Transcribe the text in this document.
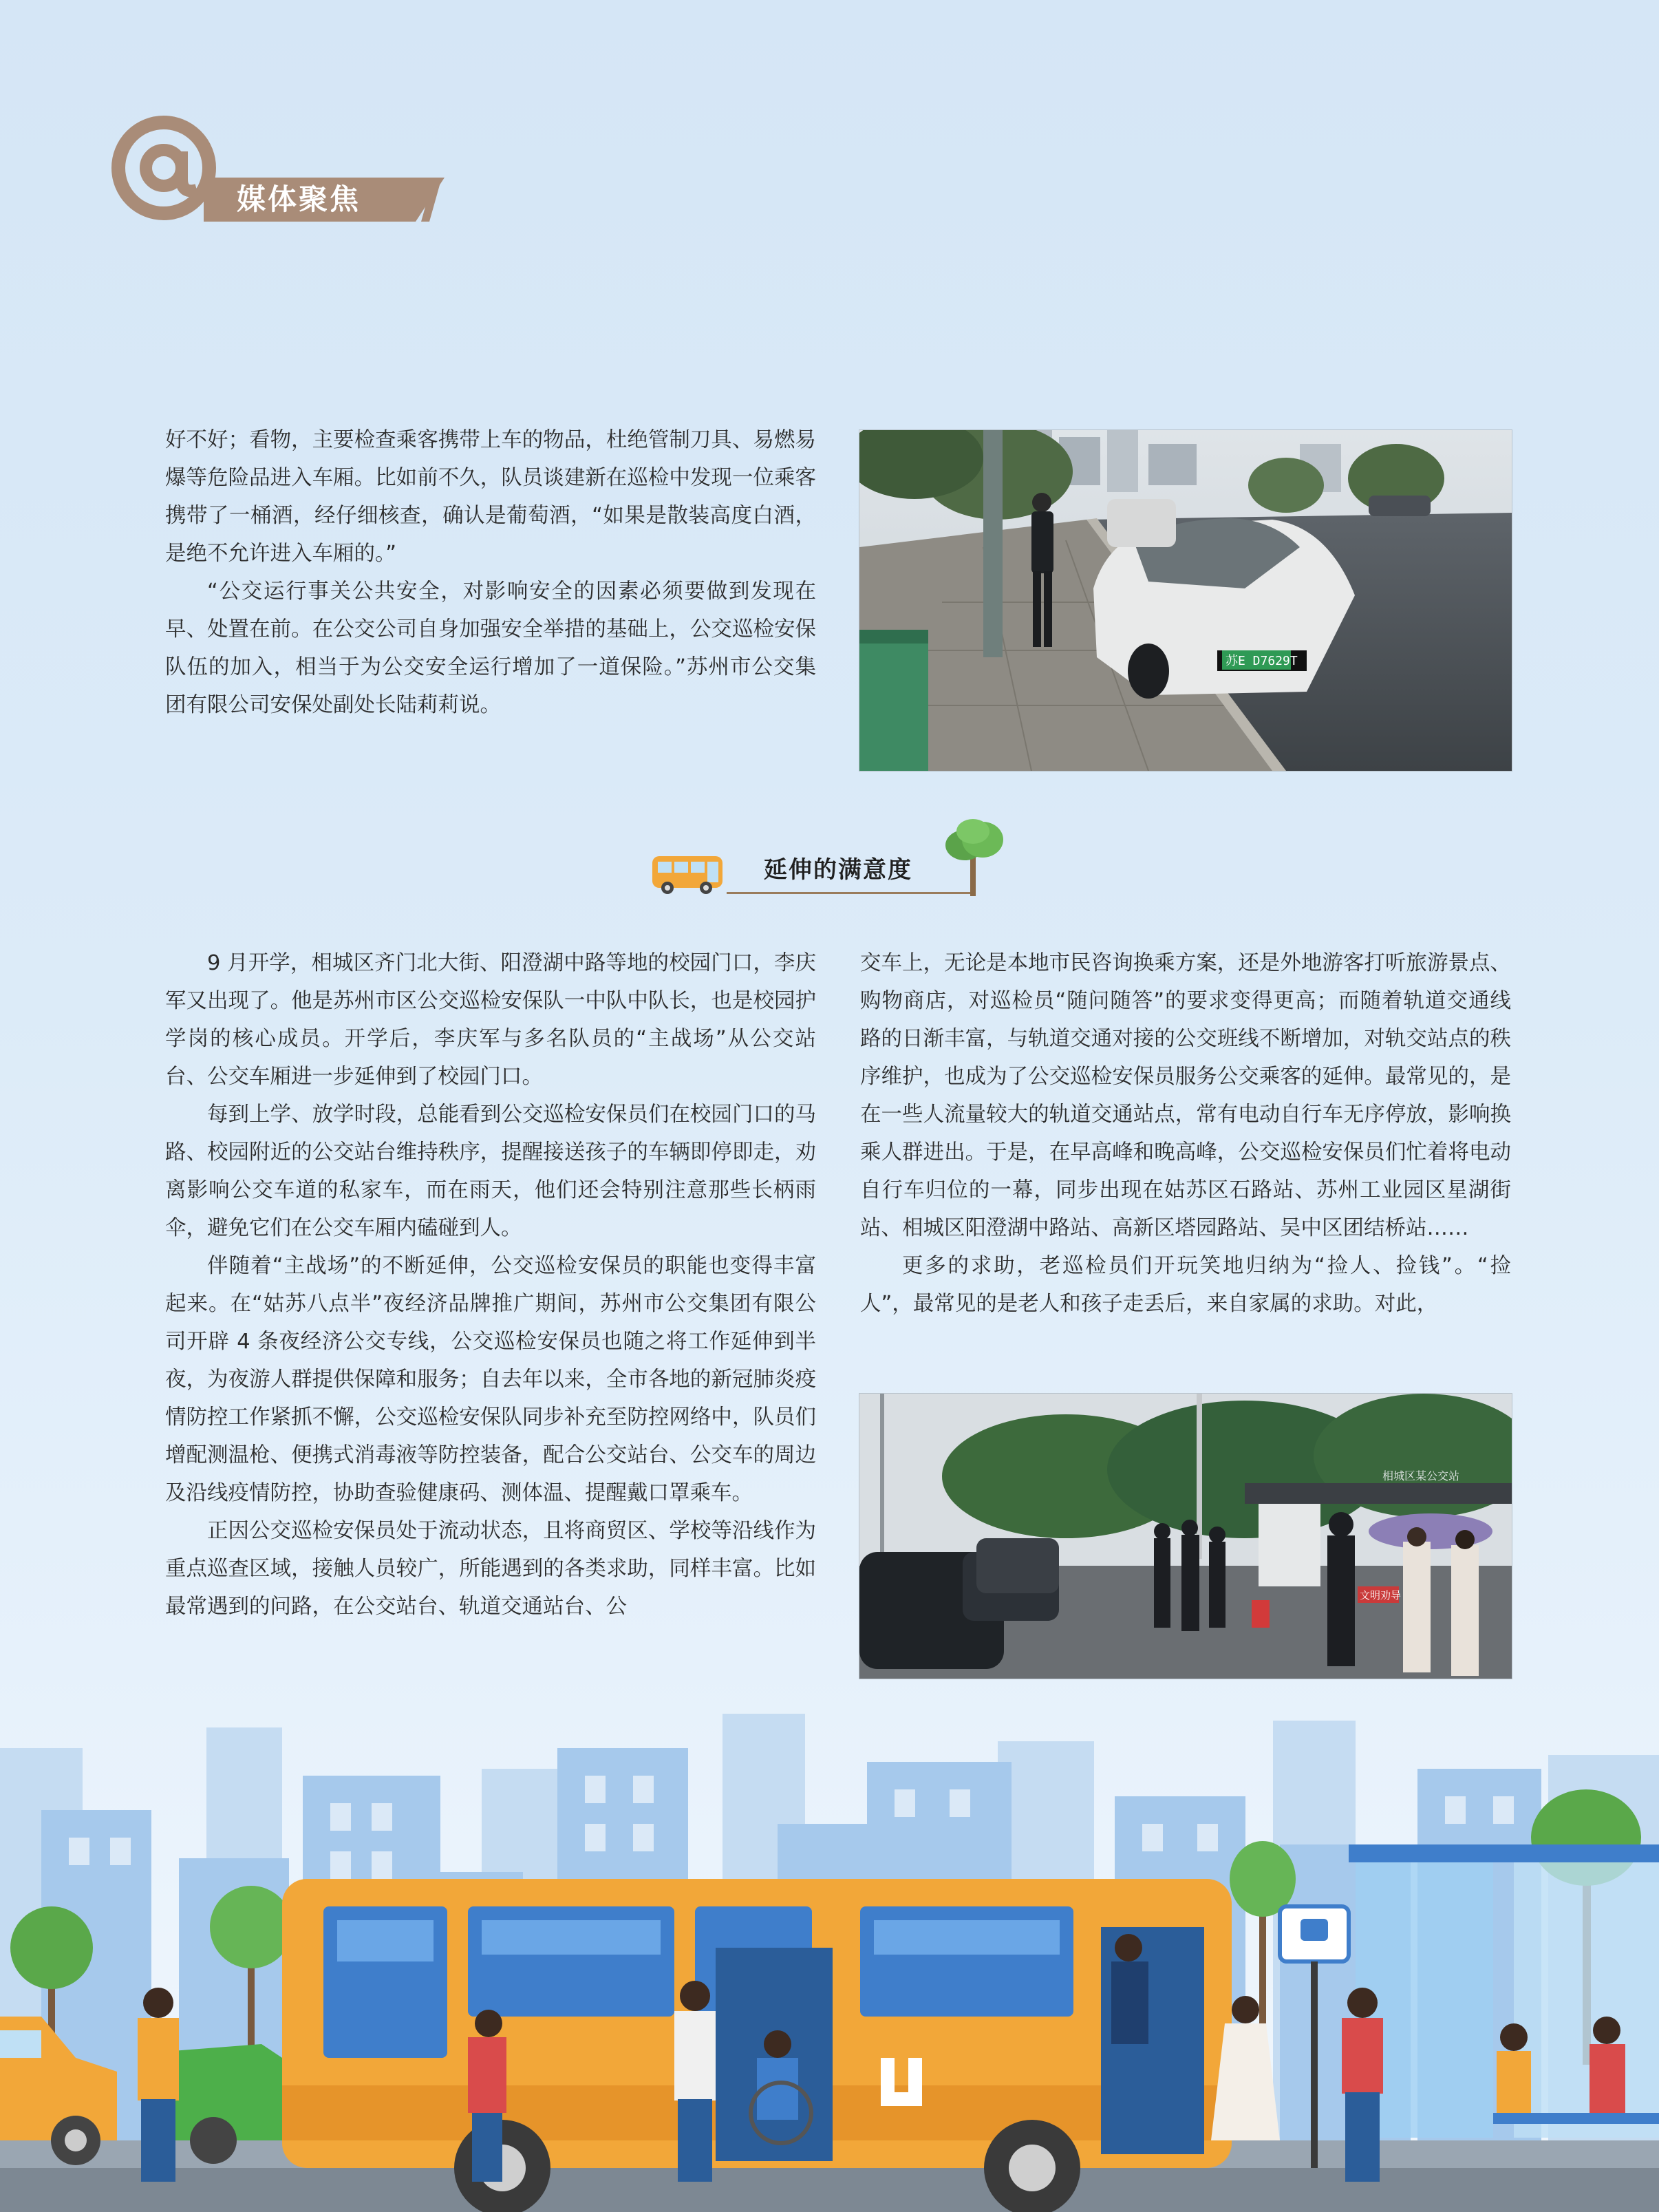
媒体聚焦

好不好；看物，主要检查乘客携带上车的物品，杜绝管制刀具、易燃易爆等危险品进入车厢。比如前不久，队员谈建新在巡检中发现一位乘客携带了一桶酒，经仔细核查，确认是葡萄酒，“如果是散装高度白酒，是绝不允许进入车厢的。”

“公交运行事关公共安全，对影响安全的因素必须要做到发现在早、处置在前。在公交公司自身加强安全举措的基础上，公交巡检安保队伍的加入，相当于为公交安全运行增加了一道保险。”苏州市公交集团有限公司安保处副处长陆莉莉说。

苏E D7629T
延伸的满意度

9 月开学，相城区齐门北大街、阳澄湖中路等地的校园门口，李庆军又出现了。他是苏州市区公交巡检安保队一中队中队长，也是校园护学岗的核心成员。开学后，李庆军与多名队员的“主战场”从公交站台、公交车厢进一步延伸到了校园门口。

每到上学、放学时段，总能看到公交巡检安保员们在校园门口的马路、校园附近的公交站台维持秩序，提醒接送孩子的车辆即停即走，劝离影响公交车道的私家车，而在雨天，他们还会特别注意那些长柄雨伞，避免它们在公交车厢内磕碰到人。

伴随着“主战场”的不断延伸，公交巡检安保员的职能也变得丰富起来。在“姑苏八点半”夜经济品牌推广期间，苏州市公交集团有限公司开辟 4 条夜经济公交专线，公交巡检安保员也随之将工作延伸到半夜，为夜游人群提供保障和服务；自去年以来，全市各地的新冠肺炎疫情防控工作紧抓不懈，公交巡检安保队同步补充至防控网络中，队员们增配测温枪、便携式消毒液等防控装备，配合公交站台、公交车的周边及沿线疫情防控，协助查验健康码、测体温、提醒戴口罩乘车。

正因公交巡检安保员处于流动状态，且将商贸区、学校等沿线作为重点巡查区域，接触人员较广，所能遇到的各类求助，同样丰富。比如最常遇到的问路，在公交站台、轨道交通站台、公

交车上，无论是本地市民咨询换乘方案，还是外地游客打听旅游景点、购物商店，对巡检员“随问随答”的要求变得更高；而随着轨道交通线路的日渐丰富，与轨道交通对接的公交班线不断增加，对轨交站点的秩序维护，也成为了公交巡检安保员服务公交乘客的延伸。最常见的，是在一些人流量较大的轨道交通站点，常有电动自行车无序停放，影响换乘人群进出。于是，在早高峰和晚高峰，公交巡检安保员们忙着将电动自行车归位的一幕，同步出现在姑苏区石路站、苏州工业园区星湖街站、相城区阳澄湖中路站、高新区塔园路站、吴中区团结桥站……

更多的求助，老巡检员们开玩笑地归纳为“捡人、捡钱”。“捡人”，最常见的是老人和孩子走丢后，来自家属的求助。对此，

相城区某公交站
文明劝导
